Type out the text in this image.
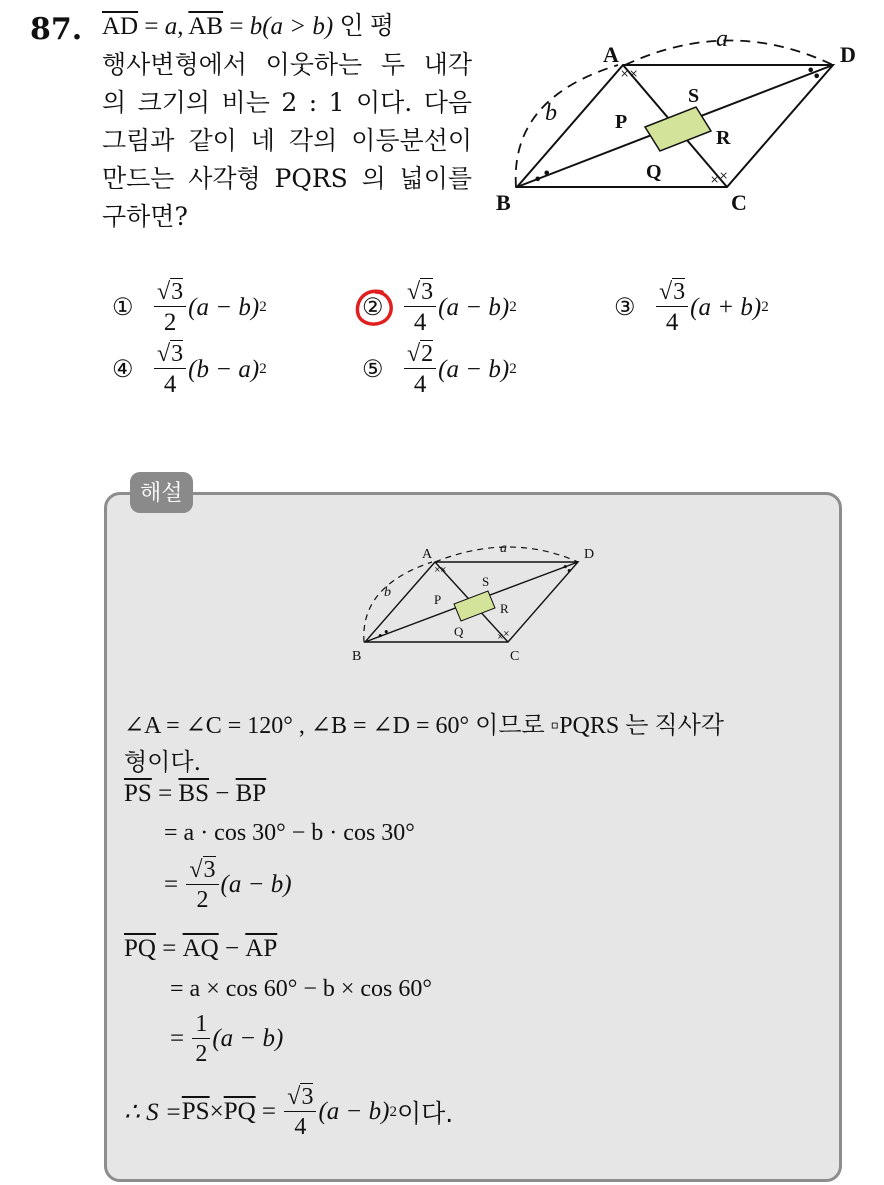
87. $\overline{AD} = a$, $\overline{AB} = b(a > b)$ 인 평
행사변형에서 이웃하는 두 내각
의 크기의 비는 2 : 1 이다. 다음
그림과 같이 네 각의 이등분선이
만드는 사각형 PQRS 의 넓이를
구하면?
× ×
× ×
•
•
• •
A	D
B	C
P
Q
R
S
a
b
① $\frac{√3}{2} (a - b)$ 2	② $\frac{√3}{4} (a - b)$ 2	③ $\frac{√3}{4} (a + b)$ 2
④ $\frac{√3}{4} (b - a)$ 2	⑤ $\frac{√2}{4} (a - b)$ 2
해설
× ×
× ×
•
•
• •
A	D
B	C
P
Q
R
S
a
b
∠A = ∠C = 120° , ∠B = ∠D = 60° 이므로 ▫PQRS 는 직사각
형이다.
$\overline{PS} = \overline{BS} - \overline{BP}$
= a · cos 30° − b · cos 30°
=
$\frac{√3}{2} (a - b)$
$\overline{PQ} = \overline{AQ} - \overline{AP}$
= a × cos 60° − b × cos 60°
=
$\frac{1}{2} (a - b)$
∴ $S = \overline{PS} \times \overline{PQ} = \frac{√3}{4} (a - b)$ 2 이다.
